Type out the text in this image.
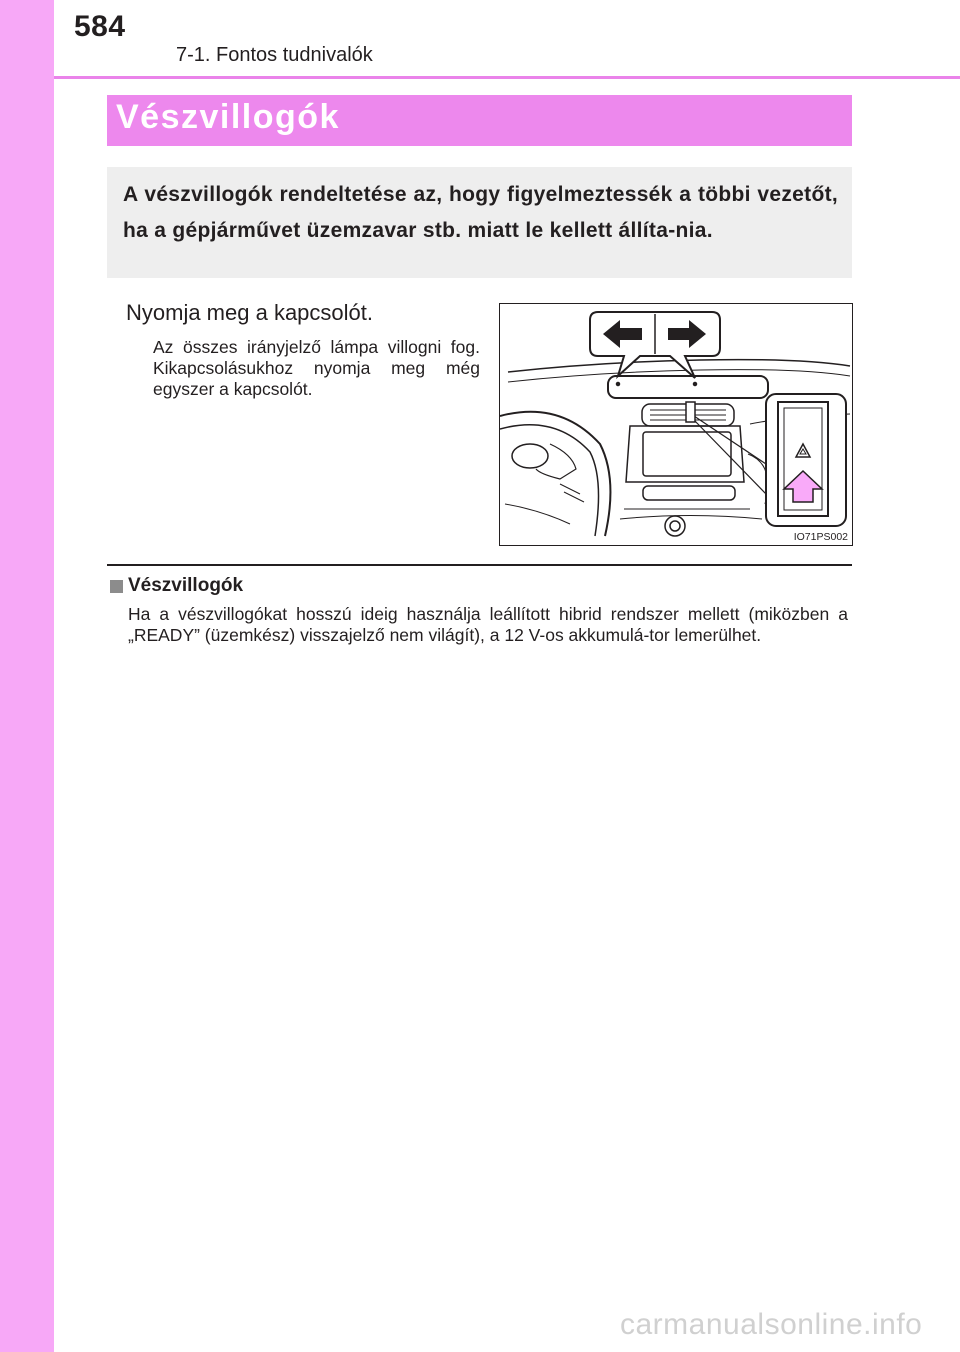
584
7-1. Fontos tudnivalók
Vészvillogók

A vészvillogók rendeltetése az, hogy figyelmeztessék a többi vezetőt, ha a gépjárművet üzemzavar stb. miatt le kellett állíta-nia.

Nyomja meg a kapcsolót.

Az összes irányjelző lámpa villogni fog. Kikapcsolásukhoz nyomja meg még egyszer a kapcsolót.

IO71PS002
Vészvillogók

Ha a vészvillogókat hosszú ideig használja leállított hibrid rendszer mellett (miközben a „READY” (üzemkész) visszajelző nem világít), a 12 V-os akkumulá-tor lemerülhet.

carmanualsonline.info
